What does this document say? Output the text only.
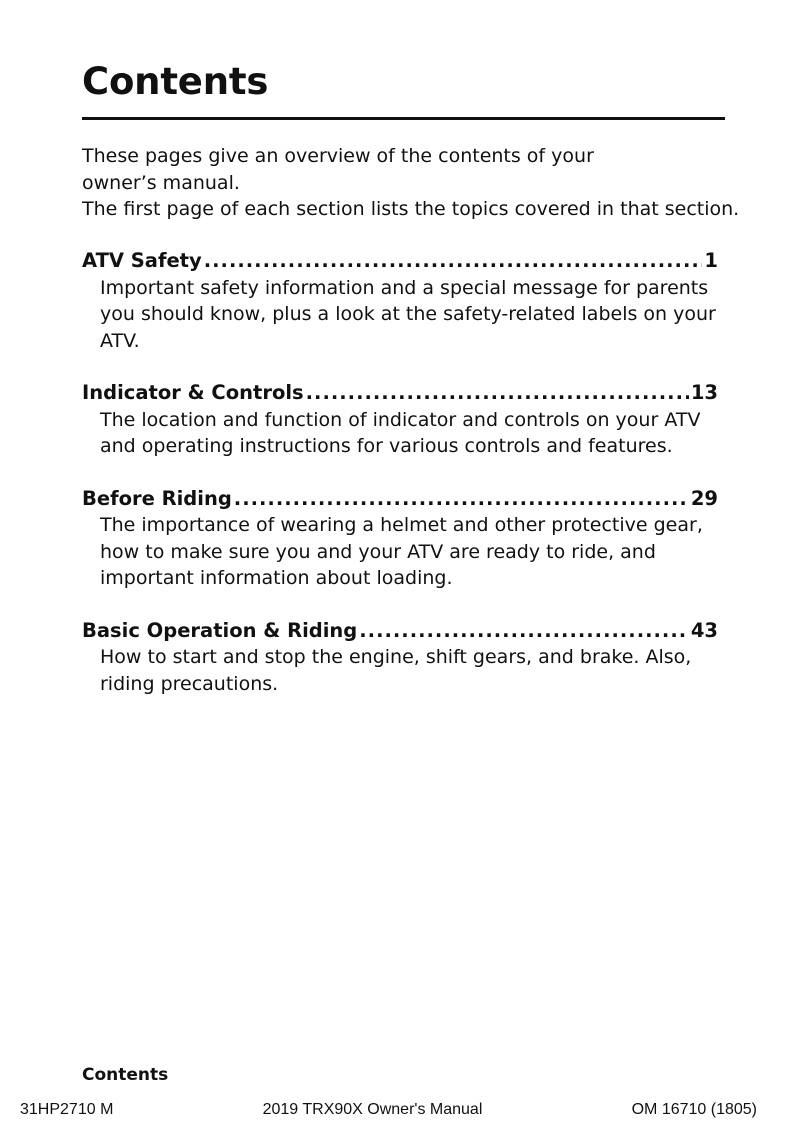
Contents

These pages give an overview of the contents of your owner’s manual.

The first page of each section lists the topics covered in that section.

ATV Safety .....	1

Important safety information and a special message for parents you should know, plus a look at the safety-related labels on your ATV.

Indicator & Controls .....	13

The location and function of indicator and controls on your ATV and operating instructions for various controls and features.

Before Riding .....	29

The importance of wearing a helmet and other protective gear, how to make sure you and your ATV are ready to ride, and important information about loading.

Basic Operation & Riding .....	43

How to start and stop the engine, shift gears, and brake. Also, riding precautions.

Contents
31HP2710 M	2019 TRX90X Owner's Manual	OM 16710 (1805)
